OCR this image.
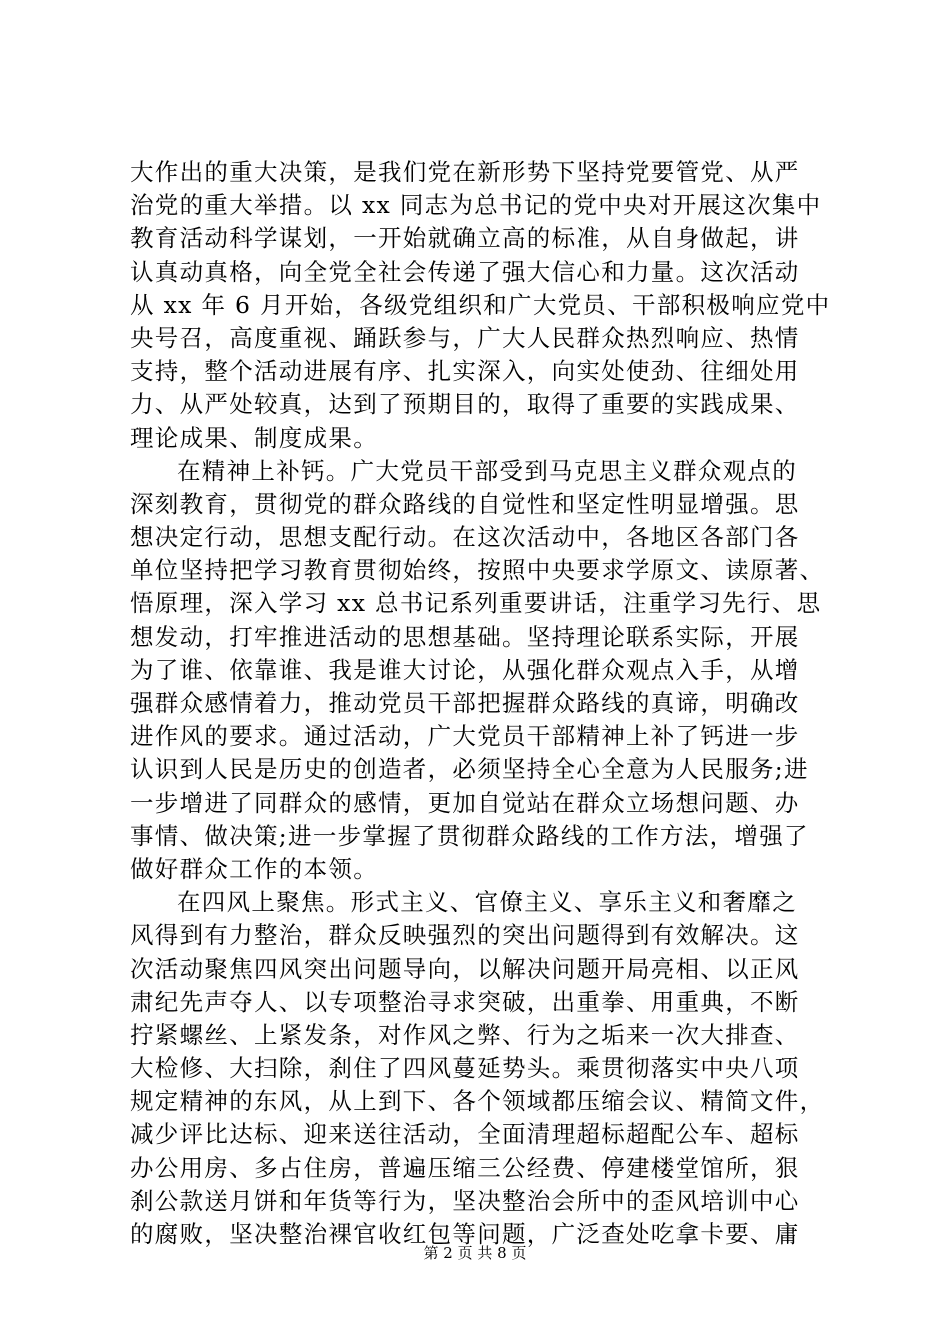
大作出的重大决策，是我们党在新形势下坚持党要管党、从严
治党的重大举措。以 xx 同志为总书记的党中央对开展这次集中
教育活动科学谋划，一开始就确立高的标准，从自身做起，讲
认真动真格，向全党全社会传递了强大信心和力量。这次活动
从 xx 年 6 月开始，各级党组织和广大党员、干部积极响应党中
央号召，高度重视、踊跃参与，广大人民群众热烈响应、热情
支持，整个活动进展有序、扎实深入，向实处使劲、往细处用
力、从严处较真，达到了预期目的，取得了重要的实践成果、
理论成果、制度成果。
在精神上补钙。广大党员干部受到马克思主义群众观点的
深刻教育，贯彻党的群众路线的自觉性和坚定性明显增强。思
想决定行动，思想支配行动。在这次活动中，各地区各部门各
单位坚持把学习教育贯彻始终，按照中央要求学原文、读原著、
悟原理，深入学习 xx 总书记系列重要讲话，注重学习先行、思
想发动，打牢推进活动的思想基础。坚持理论联系实际，开展
为了谁、依靠谁、我是谁大讨论，从强化群众观点入手，从增
强群众感情着力，推动党员干部把握群众路线的真谛，明确改
进作风的要求。通过活动，广大党员干部精神上补了钙进一步
认识到人民是历史的创造者，必须坚持全心全意为人民服务;进
一步增进了同群众的感情，更加自觉站在群众立场想问题、办
事情、做决策;进一步掌握了贯彻群众路线的工作方法，增强了
做好群众工作的本领。
在四风上聚焦。形式主义、官僚主义、享乐主义和奢靡之
风得到有力整治，群众反映强烈的突出问题得到有效解决。这
次活动聚焦四风突出问题导向，以解决问题开局亮相、以正风
肃纪先声夺人、以专项整治寻求突破，出重拳、用重典，不断
拧紧螺丝、上紧发条，对作风之弊、行为之垢来一次大排查、
大检修、大扫除，刹住了四风蔓延势头。乘贯彻落实中央八项
规定精神的东风，从上到下、各个领域都压缩会议、精简文件，
减少评比达标、迎来送往活动，全面清理超标超配公车、超标
办公用房、多占住房，普遍压缩三公经费、停建楼堂馆所，狠
刹公款送月饼和年货等行为，坚决整治会所中的歪风培训中心
的腐败，坚决整治裸官收红包等问题，广泛查处吃拿卡要、庸
第 2 页 共 8 页
